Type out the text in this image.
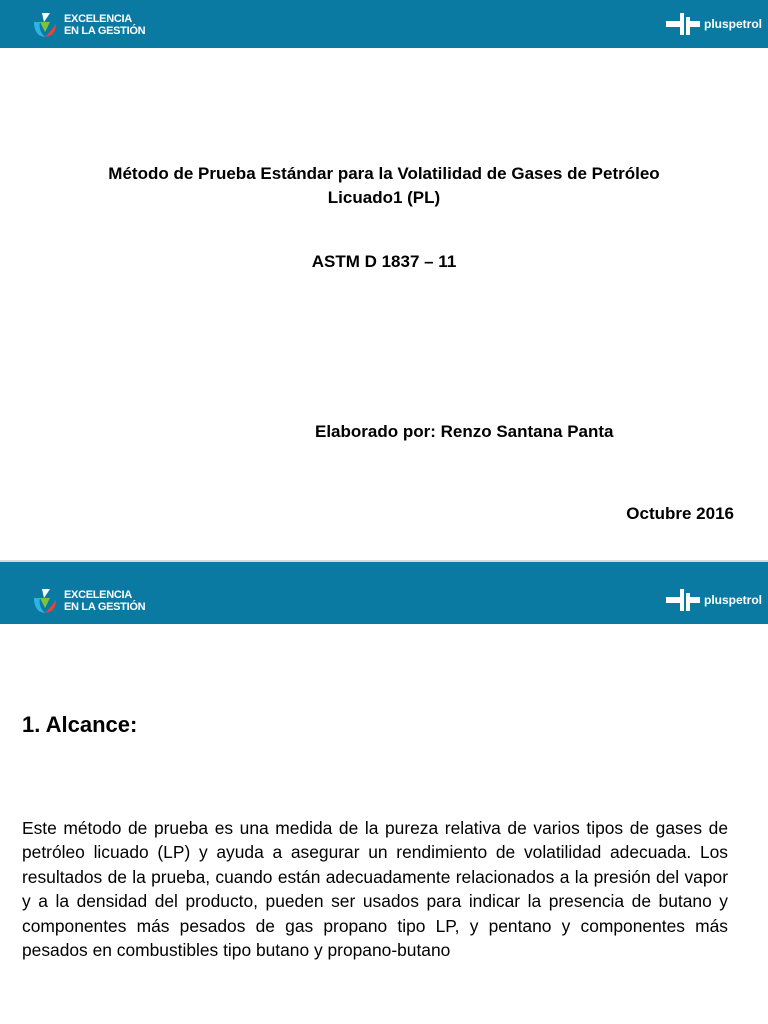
EXCELENCIA
EN LA GESTIÓN	pluspetrol
Método de Prueba Estándar para la Volatilidad de Gases de Petróleo Licuado1 (PL)
ASTM D 1837 – 11
Elaborado por: Renzo Santana Panta
Octubre 2016
EXCELENCIA
EN LA GESTIÓN	pluspetrol
1. Alcance:

Este método de prueba es una medida de la pureza relativa de varios tipos de gases de petróleo licuado (LP) y ayuda a asegurar un rendimiento de volatilidad adecuada. Los resultados de la prueba, cuando están adecuadamente relacionados a la presión del vapor y a la densidad del producto, pueden ser usados para indicar la presencia de butano y componentes más pesados de gas propano tipo LP, y pentano y componentes más pesados en combustibles tipo butano y propano-butano
